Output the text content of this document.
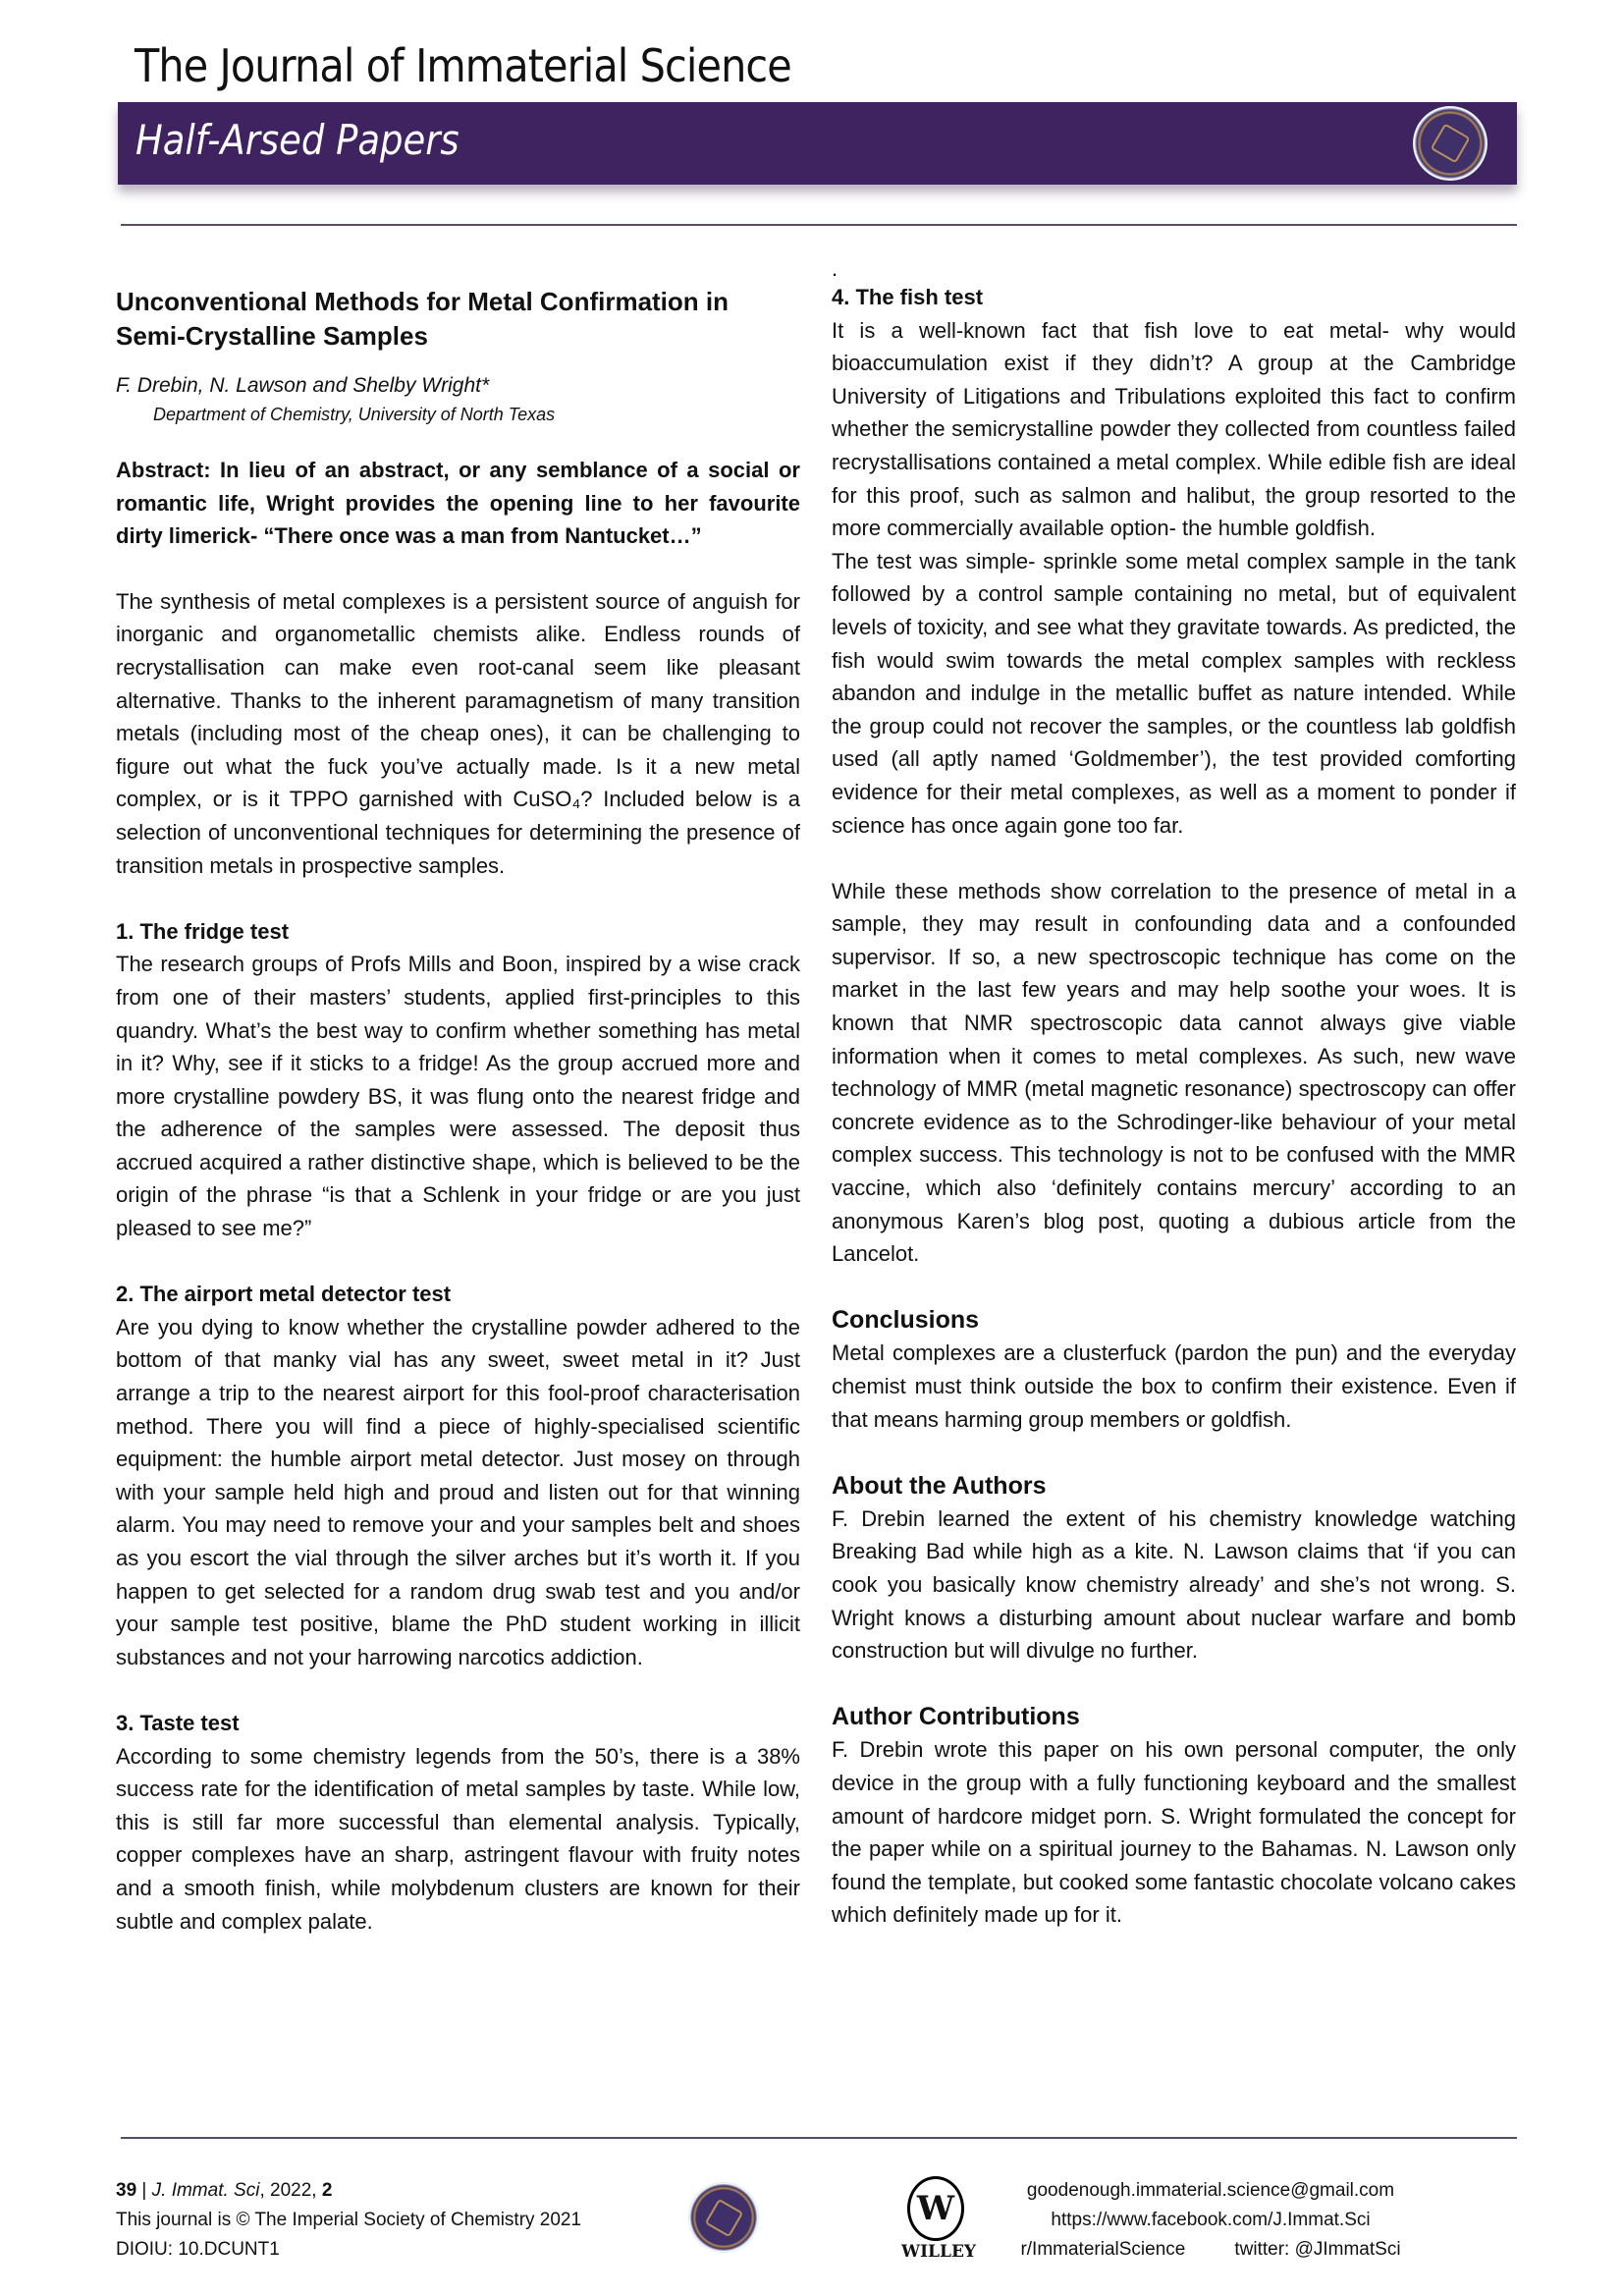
The Journal of Immaterial Science
Half-Arsed Papers
Unconventional Methods for Metal Confirmation in Semi-Crystalline Samples
F. Drebin, N. Lawson and Shelby Wright*
Department of Chemistry, University of North Texas

Abstract: In lieu of an abstract, or any semblance of a social or romantic life, Wright provides the opening line to her favourite dirty limerick- “There once was a man from Nantucket…”

The synthesis of metal complexes is a persistent source of anguish for inorganic and organometallic chemists alike. Endless rounds of recrystallisation can make even root-canal seem like pleasant alternative. Thanks to the inherent paramagnetism of many transition metals (including most of the cheap ones), it can be challenging to figure out what the fuck you’ve actually made. Is it a new metal complex, or is it TPPO garnished with CuSO₄? Included below is a selection of unconventional techniques for determining the presence of transition metals in prospective samples.

1. The fridge test

The research groups of Profs Mills and Boon, inspired by a wise crack from one of their masters’ students, applied first-principles to this quandry. What’s the best way to confirm whether something has metal in it? Why, see if it sticks to a fridge! As the group accrued more and more crystalline powdery BS, it was flung onto the nearest fridge and the adherence of the samples were assessed. The deposit thus accrued acquired a rather distinctive shape, which is believed to be the origin of the phrase “is that a Schlenk in your fridge or are you just pleased to see me?”

2. The airport metal detector test

Are you dying to know whether the crystalline powder adhered to the bottom of that manky vial has any sweet, sweet metal in it? Just arrange a trip to the nearest airport for this fool-proof characterisation method. There you will find a piece of highly-specialised scientific equipment: the humble airport metal detector. Just mosey on through with your sample held high and proud and listen out for that winning alarm. You may need to remove your and your samples belt and shoes as you escort the vial through the silver arches but it’s worth it. If you happen to get selected for a random drug swab test and you and/or your sample test positive, blame the PhD student working in illicit substances and not your harrowing narcotics addiction.

3. Taste test

According to some chemistry legends from the 50’s, there is a 38% success rate for the identification of metal samples by taste. While low, this is still far more successful than elemental analysis. Typically, copper complexes have an sharp, astringent flavour with fruity notes and a smooth finish, while molybdenum clusters are known for their subtle and complex palate.

.
4. The fish test

It is a well-known fact that fish love to eat metal- why would bioaccumulation exist if they didn’t? A group at the Cambridge University of Litigations and Tribulations exploited this fact to confirm whether the semicrystalline powder they collected from countless failed recrystallisations contained a metal complex. While edible fish are ideal for this proof, such as salmon and halibut, the group resorted to the more commercially available option- the humble goldfish.

The test was simple- sprinkle some metal complex sample in the tank followed by a control sample containing no metal, but of equivalent levels of toxicity, and see what they gravitate towards. As predicted, the fish would swim towards the metal complex samples with reckless abandon and indulge in the metallic buffet as nature intended. While the group could not recover the samples, or the countless lab goldfish used (all aptly named ‘Goldmember’), the test provided comforting evidence for their metal complexes, as well as a moment to ponder if science has once again gone too far.

While these methods show correlation to the presence of metal in a sample, they may result in confounding data and a confounded supervisor. If so, a new spectroscopic technique has come on the market in the last few years and may help soothe your woes. It is known that NMR spectroscopic data cannot always give viable information when it comes to metal complexes. As such, new wave technology of MMR (metal magnetic resonance) spectroscopy can offer concrete evidence as to the Schrodinger-like behaviour of your metal complex success. This technology is not to be confused with the MMR vaccine, which also ‘definitely contains mercury’ according to an anonymous Karen’s blog post, quoting a dubious article from the Lancelot.

Conclusions

Metal complexes are a clusterfuck (pardon the pun) and the everyday chemist must think outside the box to confirm their existence. Even if that means harming group members or goldfish.

About the Authors

F. Drebin learned the extent of his chemistry knowledge watching Breaking Bad while high as a kite. N. Lawson claims that ‘if you can cook you basically know chemistry already’ and she’s not wrong. S. Wright knows a disturbing amount about nuclear warfare and bomb construction but will divulge no further.

Author Contributions

F. Drebin wrote this paper on his own personal computer, the only device in the group with a fully functioning keyboard and the smallest amount of hardcore midget porn. S. Wright formulated the concept for the paper while on a spiritual journey to the Bahamas. N. Lawson only found the template, but cooked some fantastic chocolate volcano cakes which definitely made up for it.

39 | J. Immat. Sci, 2022, 2
This journal is © The Imperial Society of Chemistry 2021
DIOIU: 10.DCUNT1
W
WILLEY
goodenough.immaterial.science@gmail.com
https://www.facebook.com/J.Immat.Sci
r/ImmaterialScience	twitter: @JImmatSci
